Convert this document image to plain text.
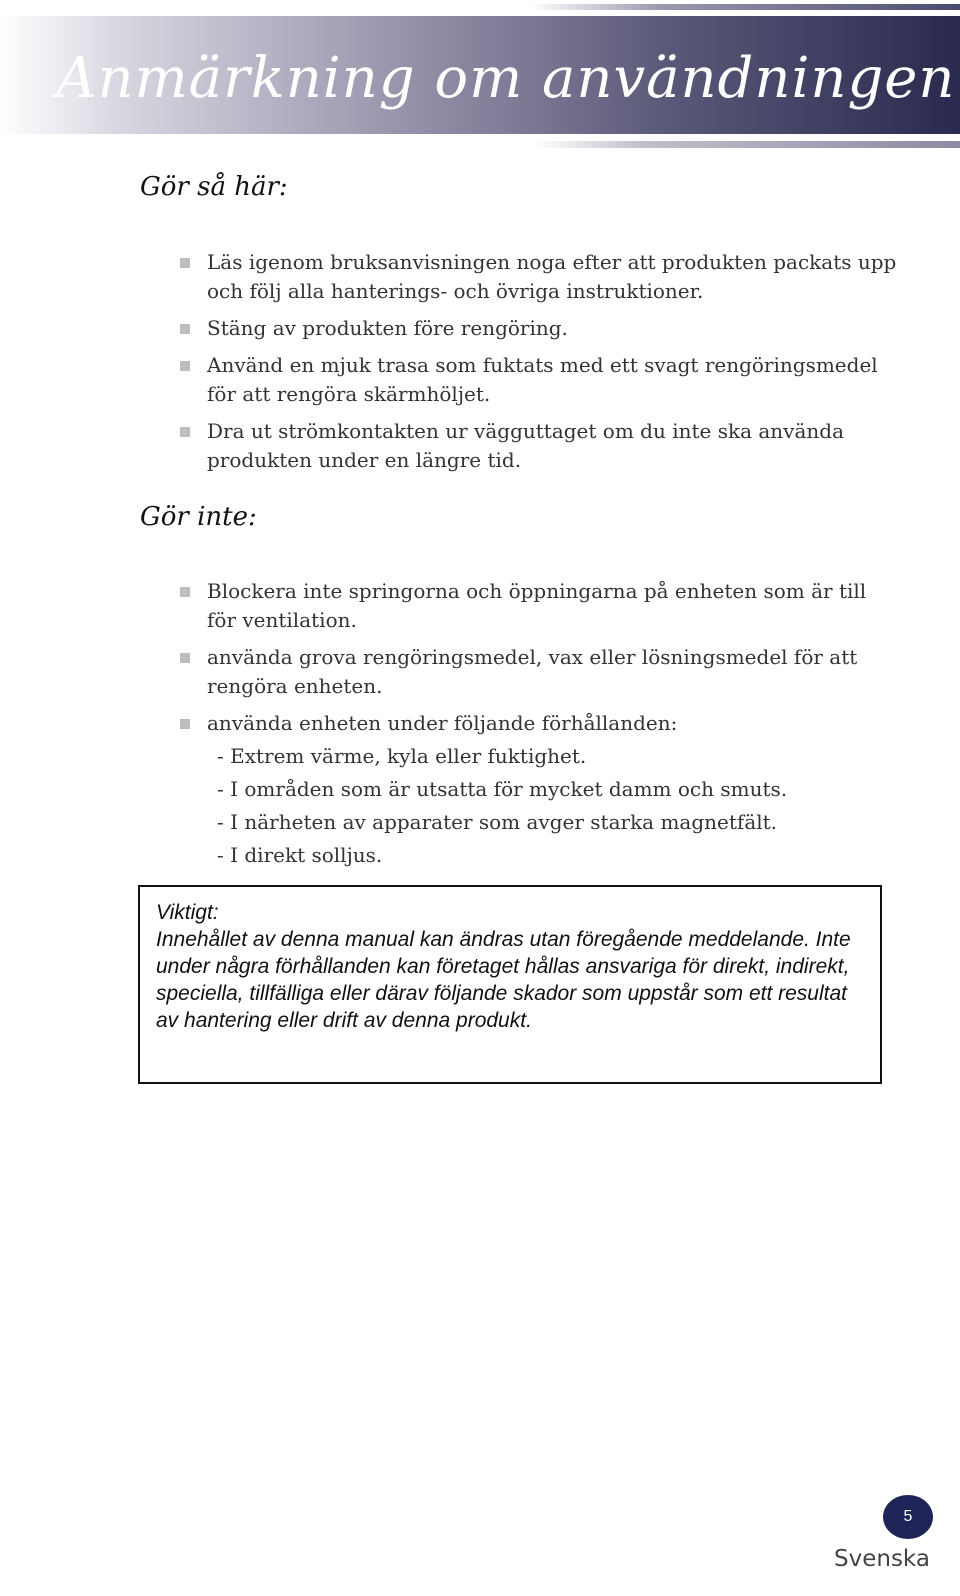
Anmärkning om användningen
Gör så här:
Läs igenom bruksanvisningen noga efter att produkten packats upp och följ alla hanterings- och övriga instruktioner.
Stäng av produkten före rengöring.
Använd en mjuk trasa som fuktats med ett svagt rengöringsmedel för att rengöra skärmhöljet.
Dra ut strömkontakten ur vägguttaget om du inte ska använda produkten under en längre tid.
Gör inte:
Blockera inte springorna och öppningarna på enheten som är till för ventilation.
använda grova rengöringsmedel, vax eller lösningsmedel för att rengöra enheten.
använda enheten under följande förhållanden:
- Extrem värme, kyla eller fuktighet.
- I områden som är utsatta för mycket damm och smuts.
- I närheten av apparater som avger starka magnetfält.
- I direkt solljus.

Viktigt:

Innehållet av denna manual kan ändras utan föregående meddelande. Inte under några förhållanden kan företaget hållas ansvariga för direkt, indirekt, speciella, tillfälliga eller därav följande skador som uppstår som ett resultat av hantering eller drift av denna produkt.

5
Svenska
